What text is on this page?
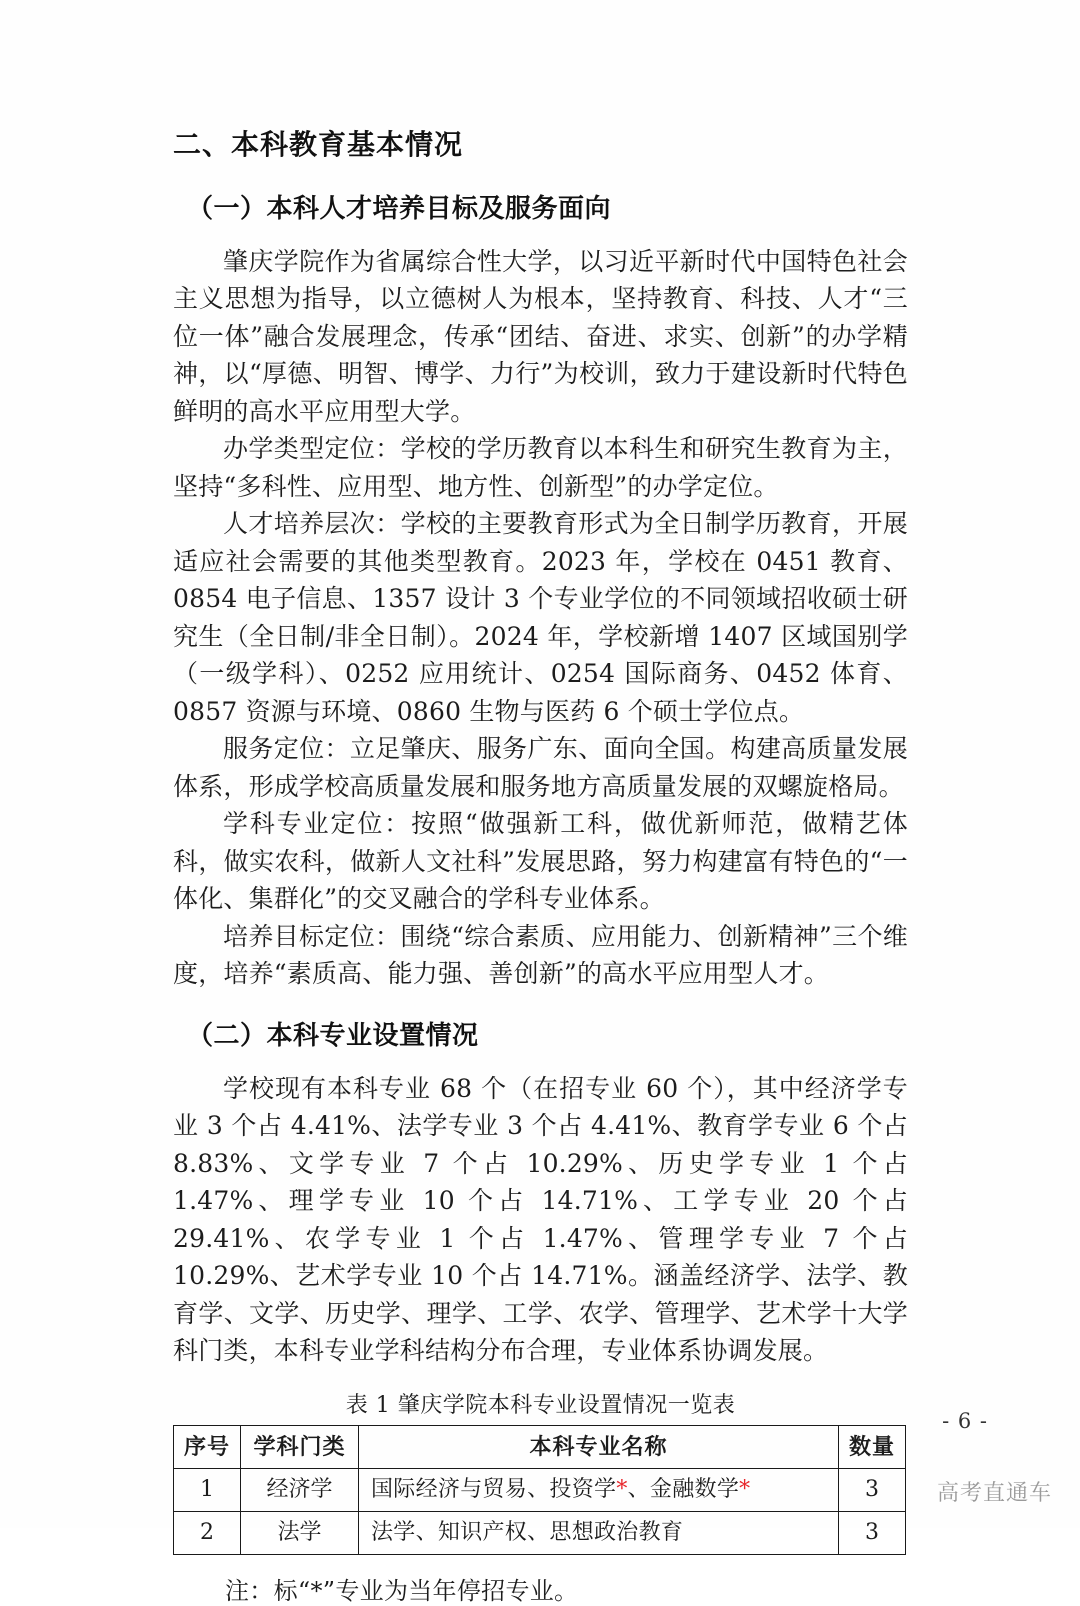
二、本科教育基本情况
（一）本科人才培养目标及服务面向

肇庆学院作为省属综合性大学，以习近平新时代中国特色社会主义思想为指导，以立德树人为根本，坚持教育、科技、人才“三位一体”融合发展理念，传承“团结、奋进、求实、创新”的办学精神，以“厚德、明智、博学、力行”为校训，致力于建设新时代特色鲜明的高水平应用型大学。

办学类型定位：学校的学历教育以本科生和研究生教育为主，坚持“多科性、应用型、地方性、创新型”的办学定位。

人才培养层次：学校的主要教育形式为全日制学历教育，开展适应社会需要的其他类型教育。2023 年，学校在 0451 教育、0854 电子信息、1357 设计 3 个专业学位的不同领域招收硕士研究生（全日制/非全日制）。2024 年，学校新增 1407 区域国别学（一级学科）、0252 应用统计、0254 国际商务、0452 体育、0857 资源与环境、0860 生物与医药 6 个硕士学位点。

服务定位：立足肇庆、服务广东、面向全国。构建高质量发展体系，形成学校高质量发展和服务地方高质量发展的双螺旋格局。

学科专业定位：按照“做强新工科，做优新师范，做精艺体科，做实农科，做新人文社科”发展思路，努力构建富有特色的“一体化、集群化”的交叉融合的学科专业体系。

培养目标定位：围绕“综合素质、应用能力、创新精神”三个维度，培养“素质高、能力强、善创新”的高水平应用型人才。

（二）本科专业设置情况

学校现有本科专业 68 个（在招专业 60 个），其中经济学专业 3 个占 4.41%、法学专业 3 个占 4.41%、教育学专业 6 个占 8.83%、文学专业 7 个占 10.29%、历史学专业 1 个占 1.47%、理学专业 10 个占 14.71%、工学专业 20 个占 29.41%、农学专业 1 个占 1.47%、管理学专业 7 个占 10.29%、艺术学专业 10 个占 14.71%。涵盖经济学、法学、教育学、文学、历史学、理学、工学、农学、管理学、艺术学十大学科门类，本科专业学科结构分布合理，专业体系协调发展。

表 1 肇庆学院本科专业设置情况一览表
序号	学科门类	本科专业名称	数量
1	经济学	国际经济与贸易、投资学*、金融数学*	3
2	法学	法学、知识产权、思想政治教育	3

注：标“*”专业为当年停招专业。

- 6 -
高考直通车
